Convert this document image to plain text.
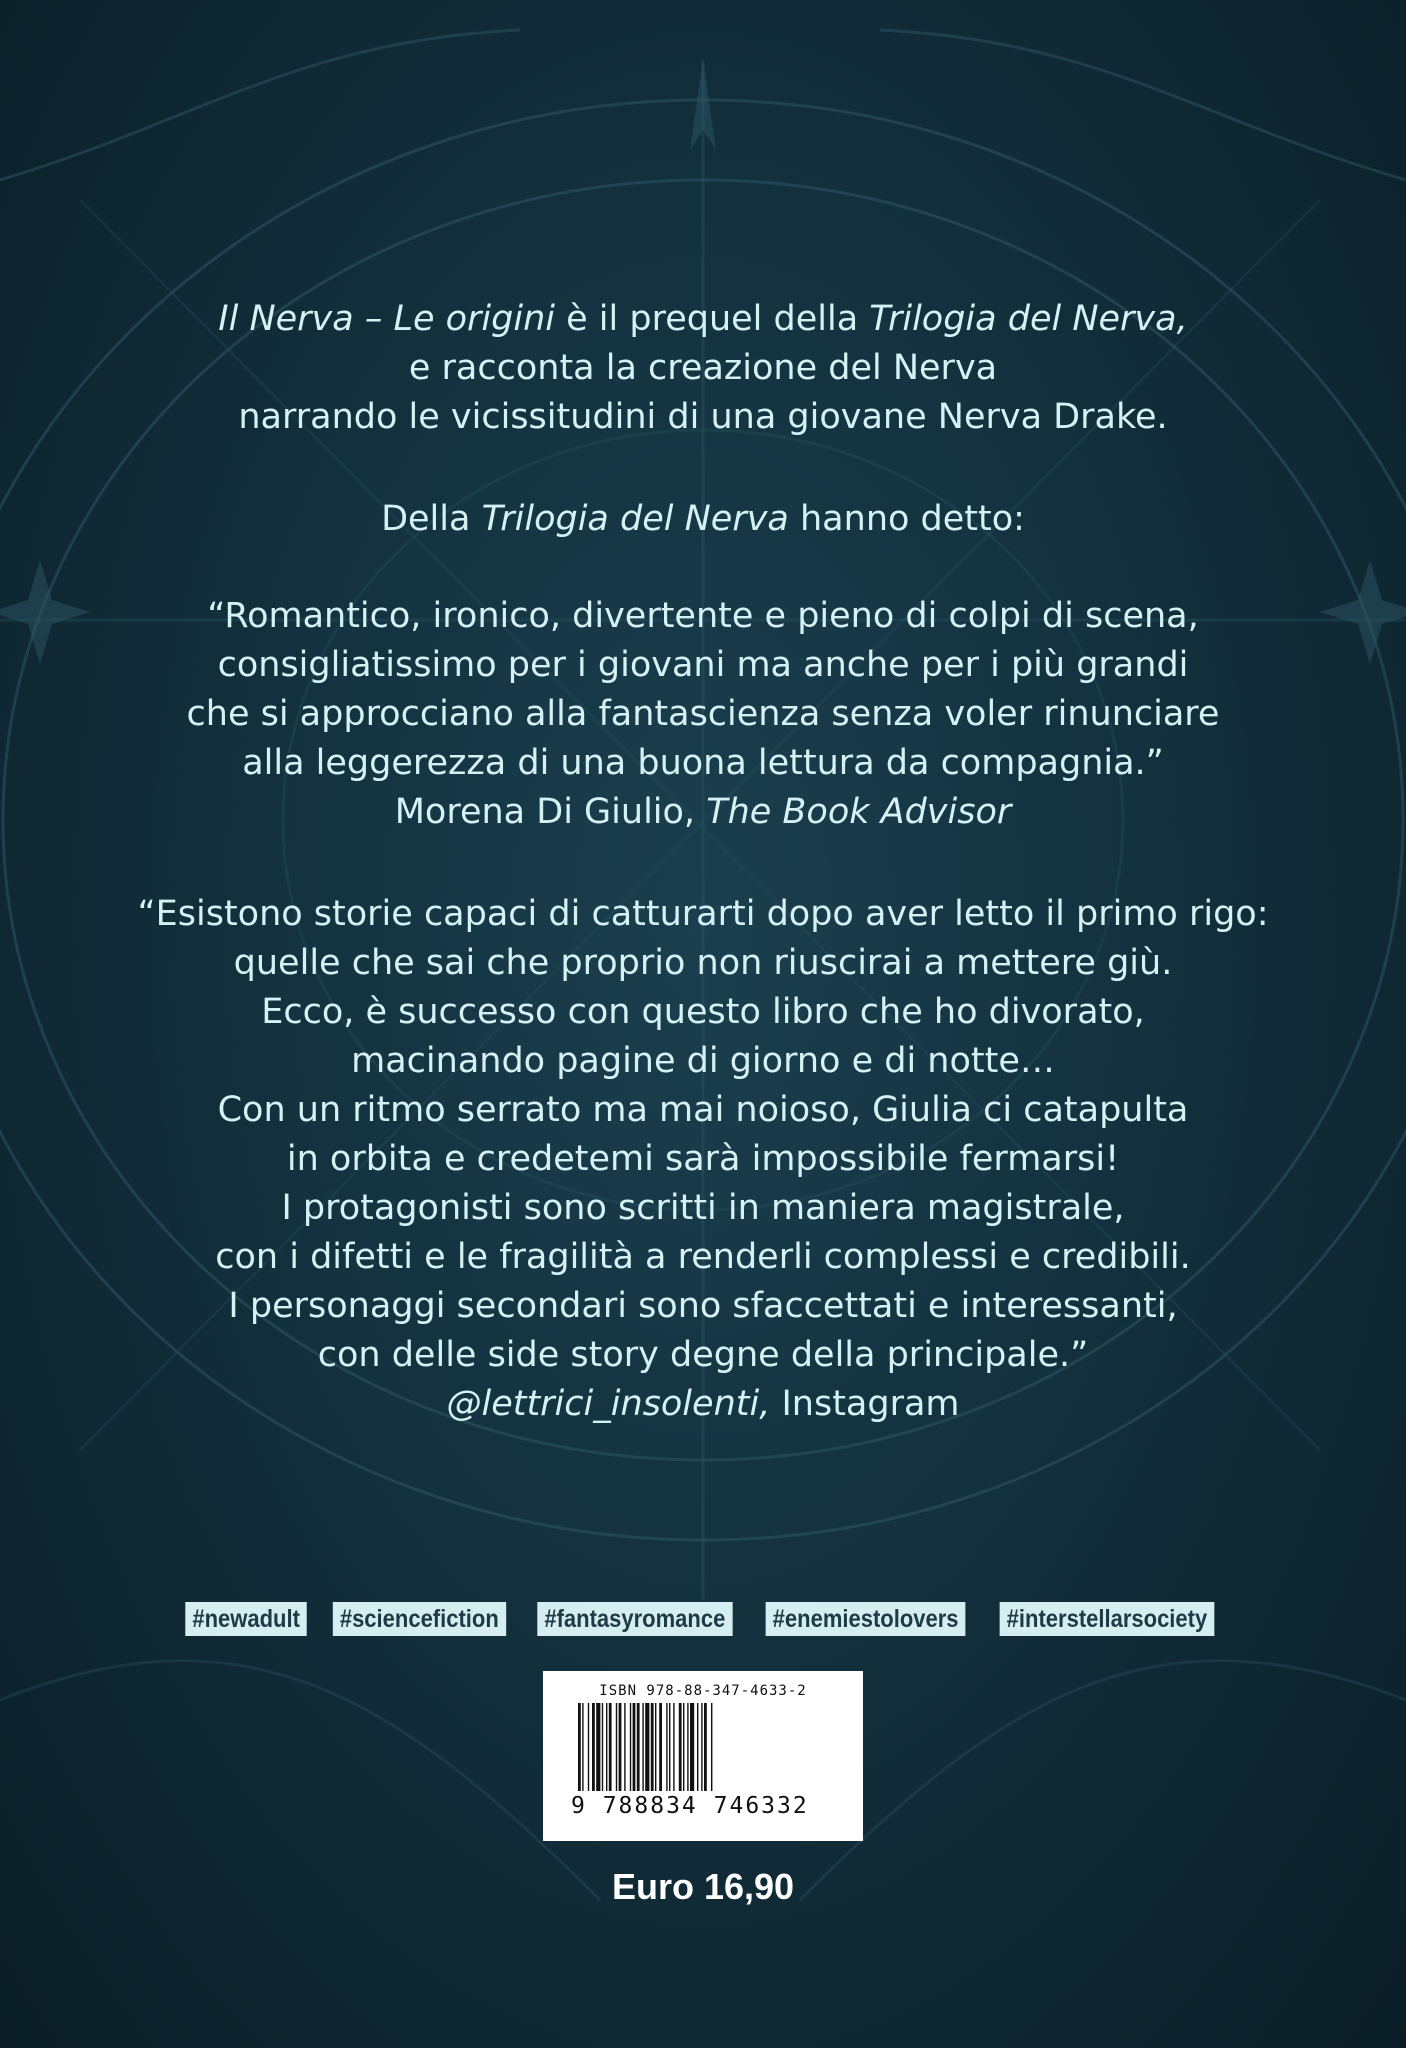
Il Nerva – Le origini è il prequel della Trilogia del Nerva,

e racconta la creazione del Nerva

narrando le vicissitudini di una giovane Nerva Drake.

Della Trilogia del Nerva hanno detto:

“Romantico, ironico, divertente e pieno di colpi di scena,

consigliatissimo per i giovani ma anche per i più grandi

che si approcciano alla fantascienza senza voler rinunciare

alla leggerezza di una buona lettura da compagnia.”

Morena Di Giulio, The Book Advisor

“Esistono storie capaci di catturarti dopo aver letto il primo rigo:

quelle che sai che proprio non riuscirai a mettere giù.

Ecco, è successo con questo libro che ho divorato,

macinando pagine di giorno e di notte…

Con un ritmo serrato ma mai noioso, Giulia ci catapulta

in orbita e credetemi sarà impossibile fermarsi!

I protagonisti sono scritti in maniera magistrale,

con i difetti e le fragilità a renderli complessi e credibili.

I personaggi secondari sono sfaccettati e interessanti,

con delle side story degne della principale.”

@lettrici_insolenti, Instagram

#newadult #sciencefiction #fantasyromance #enemiestolovers #interstellarsociety
ISBN 978-88-347-4633-2
9 788834 746332
Euro 16,90
